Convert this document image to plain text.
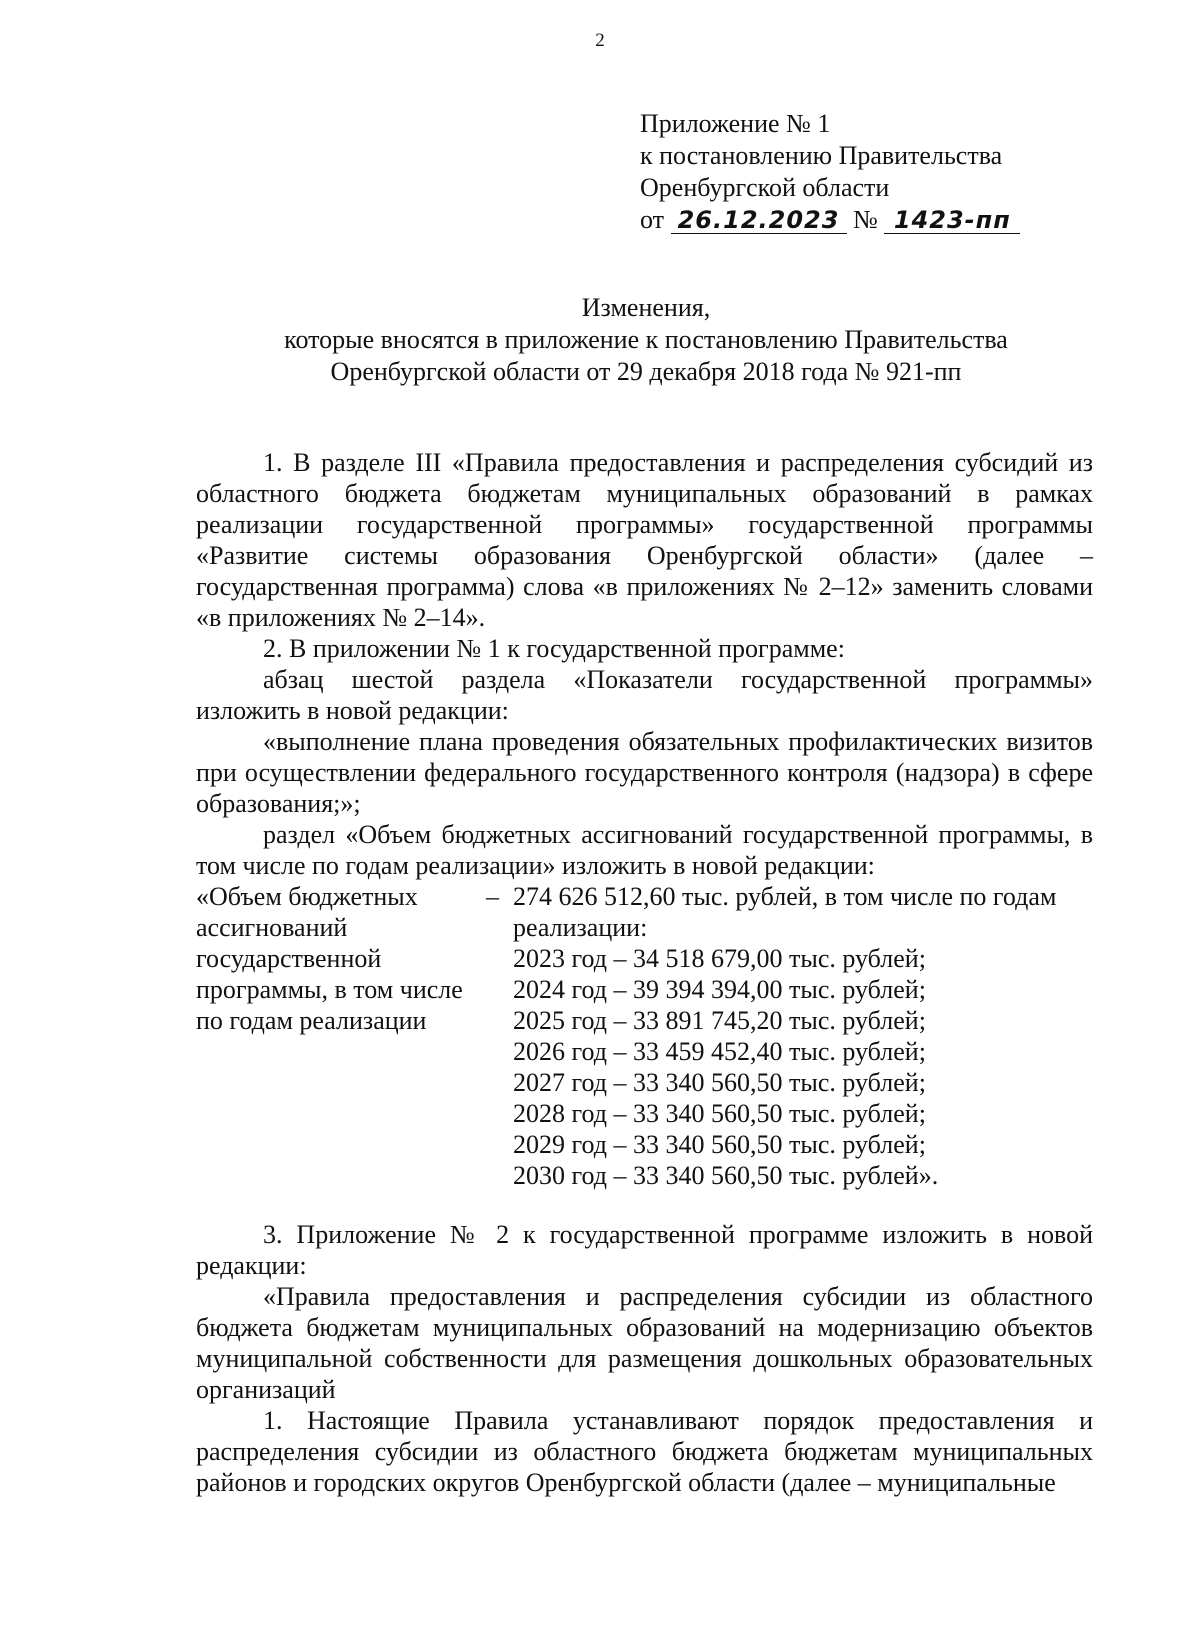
2
Приложение № 1
к постановлению Правительства
Оренбургской области
от 26.12.2023 № 1423-пп
Изменения,
которые вносятся в приложение к постановлению Правительства
Оренбургской области от 29 декабря 2018 года № 921-пп

1. В разделе III «Правила предоставления и распределения субсидий из областного бюджета бюджетам муниципальных образований в рамках реализации государственной программы» государственной программы «Развитие системы образования Оренбургской области» (далее – государственная программа) слова «в приложениях № 2–12» заменить словами «в приложениях № 2–14».

2. В приложении № 1 к государственной программе:

абзац шестой раздела «Показатели государственной программы» изложить в новой редакции:

«выполнение плана проведения обязательных профилактических визитов при осуществлении федерального государственного контроля (надзора) в сфере образования;»;

раздел «Объем бюджетных ассигнований государственной программы, в том числе по годам реализации» изложить в новой редакции:

«Объем бюджетных
ассигнований
государственной
программы, в том числе
по годам реализации
– 274 626 512,60 тыс. рублей, в том числе по годам
реализации:
2023 год – 34 518 679,00 тыс. рублей;
2024 год – 39 394 394,00 тыс. рублей;
2025 год – 33 891 745,20 тыс. рублей;
2026 год – 33 459 452,40 тыс. рублей;
2027 год – 33 340 560,50 тыс. рублей;
2028 год – 33 340 560,50 тыс. рублей;
2029 год – 33 340 560,50 тыс. рублей;
2030 год – 33 340 560,50 тыс. рублей».

3. Приложение № 2 к государственной программе изложить в новой редакции:

«Правила предоставления и распределения субсидии из областного бюджета бюджетам муниципальных образований на модернизацию объектов муниципальной собственности для размещения дошкольных образовательных организаций

1. Настоящие Правила устанавливают порядок предоставления и распределения субсидии из областного бюджета бюджетам муниципальных районов и городских округов Оренбургской области (далее – муниципальные
